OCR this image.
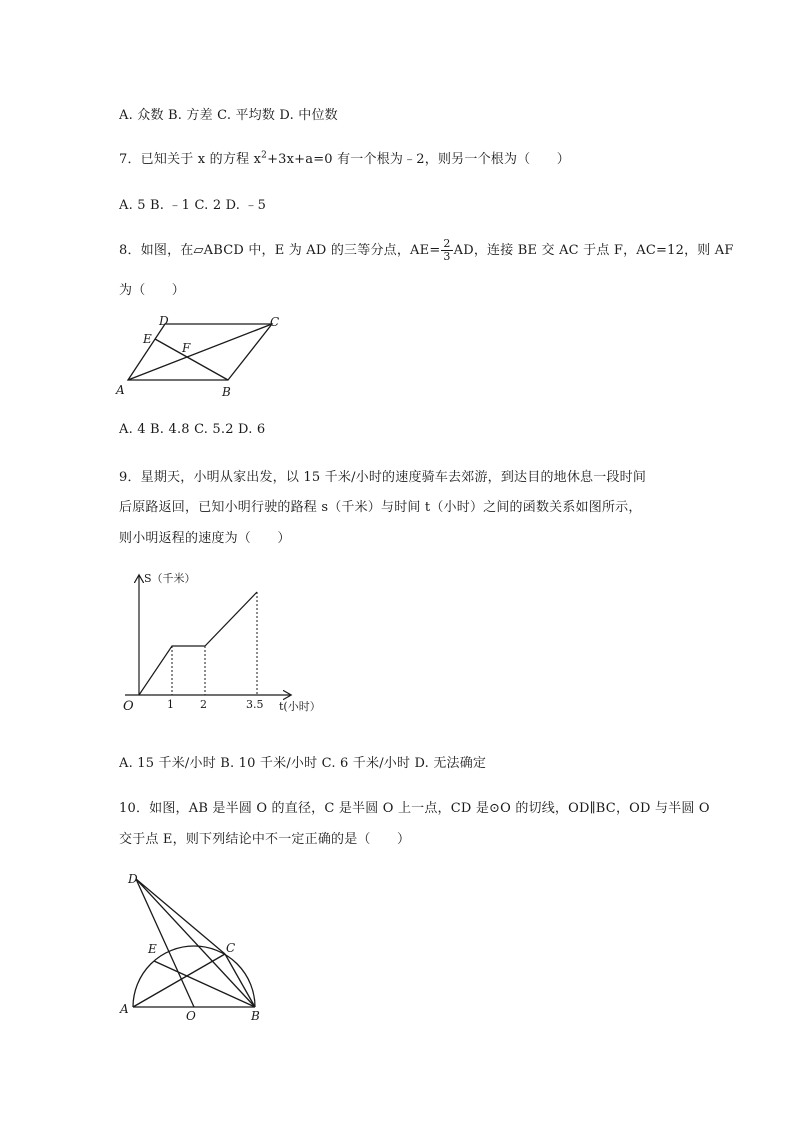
A. 众数 B. 方差 C. 平均数 D. 中位数
7．已知关于 x 的方程 $x^2+3x+a=0$ 有一个根为﹣2，则另一个根为（　　）
A. 5 B. ﹣1 C. 2 D. ﹣5
8．如图，在▱ABCD 中，E 为 AD 的三等分点，$AE= \frac{2}{3}$ AD，连接 BE 交 AC 于点 F，AC=12，则 AF
为（　　）
A	B
C
D
E
F
A. 4 B. 4.8 C. 5.2 D. 6
9．星期天，小明从家出发，以 15 千米/小时的速度骑车去郊游，到达目的地休息一段时间
后原路返回，已知小明行驶的路程 s（千米）与时间 t（小时）之间的函数关系如图所示，
则小明返程的速度为（　　）
S（千米）
t(小时）
O	1 2	3.5
A. 15 千米/小时 B. 10 千米/小时 C. 6 千米/小时 D. 无法确定
10．如图，AB 是半圆 O 的直径，C 是半圆 O 上一点，CD 是⊙O 的切线，OD∥BC，OD 与半圆 O
交于点 E，则下列结论中不一定正确的是（　　）
A	B
C
D
E
O
